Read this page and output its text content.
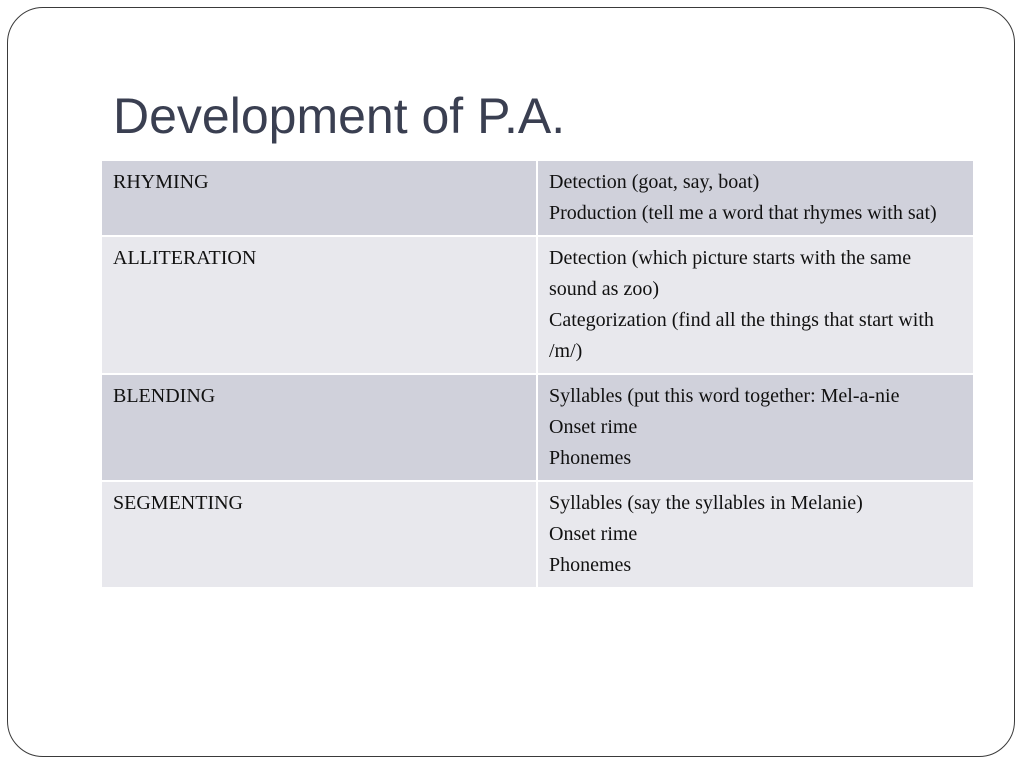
Development of P.A.
RHYMING	Detection (goat, say, boat)
Production (tell me a word that rhymes with sat)

ALLITERATION	Detection (which picture starts with the same sound as zoo)
Categorization (find all the things that start with /m/)

BLENDING	Syllables (put this word together: Mel-a-nie
Onset rime
Phonemes

SEGMENTING	Syllables (say the syllables in Melanie)
Onset rime
Phonemes
